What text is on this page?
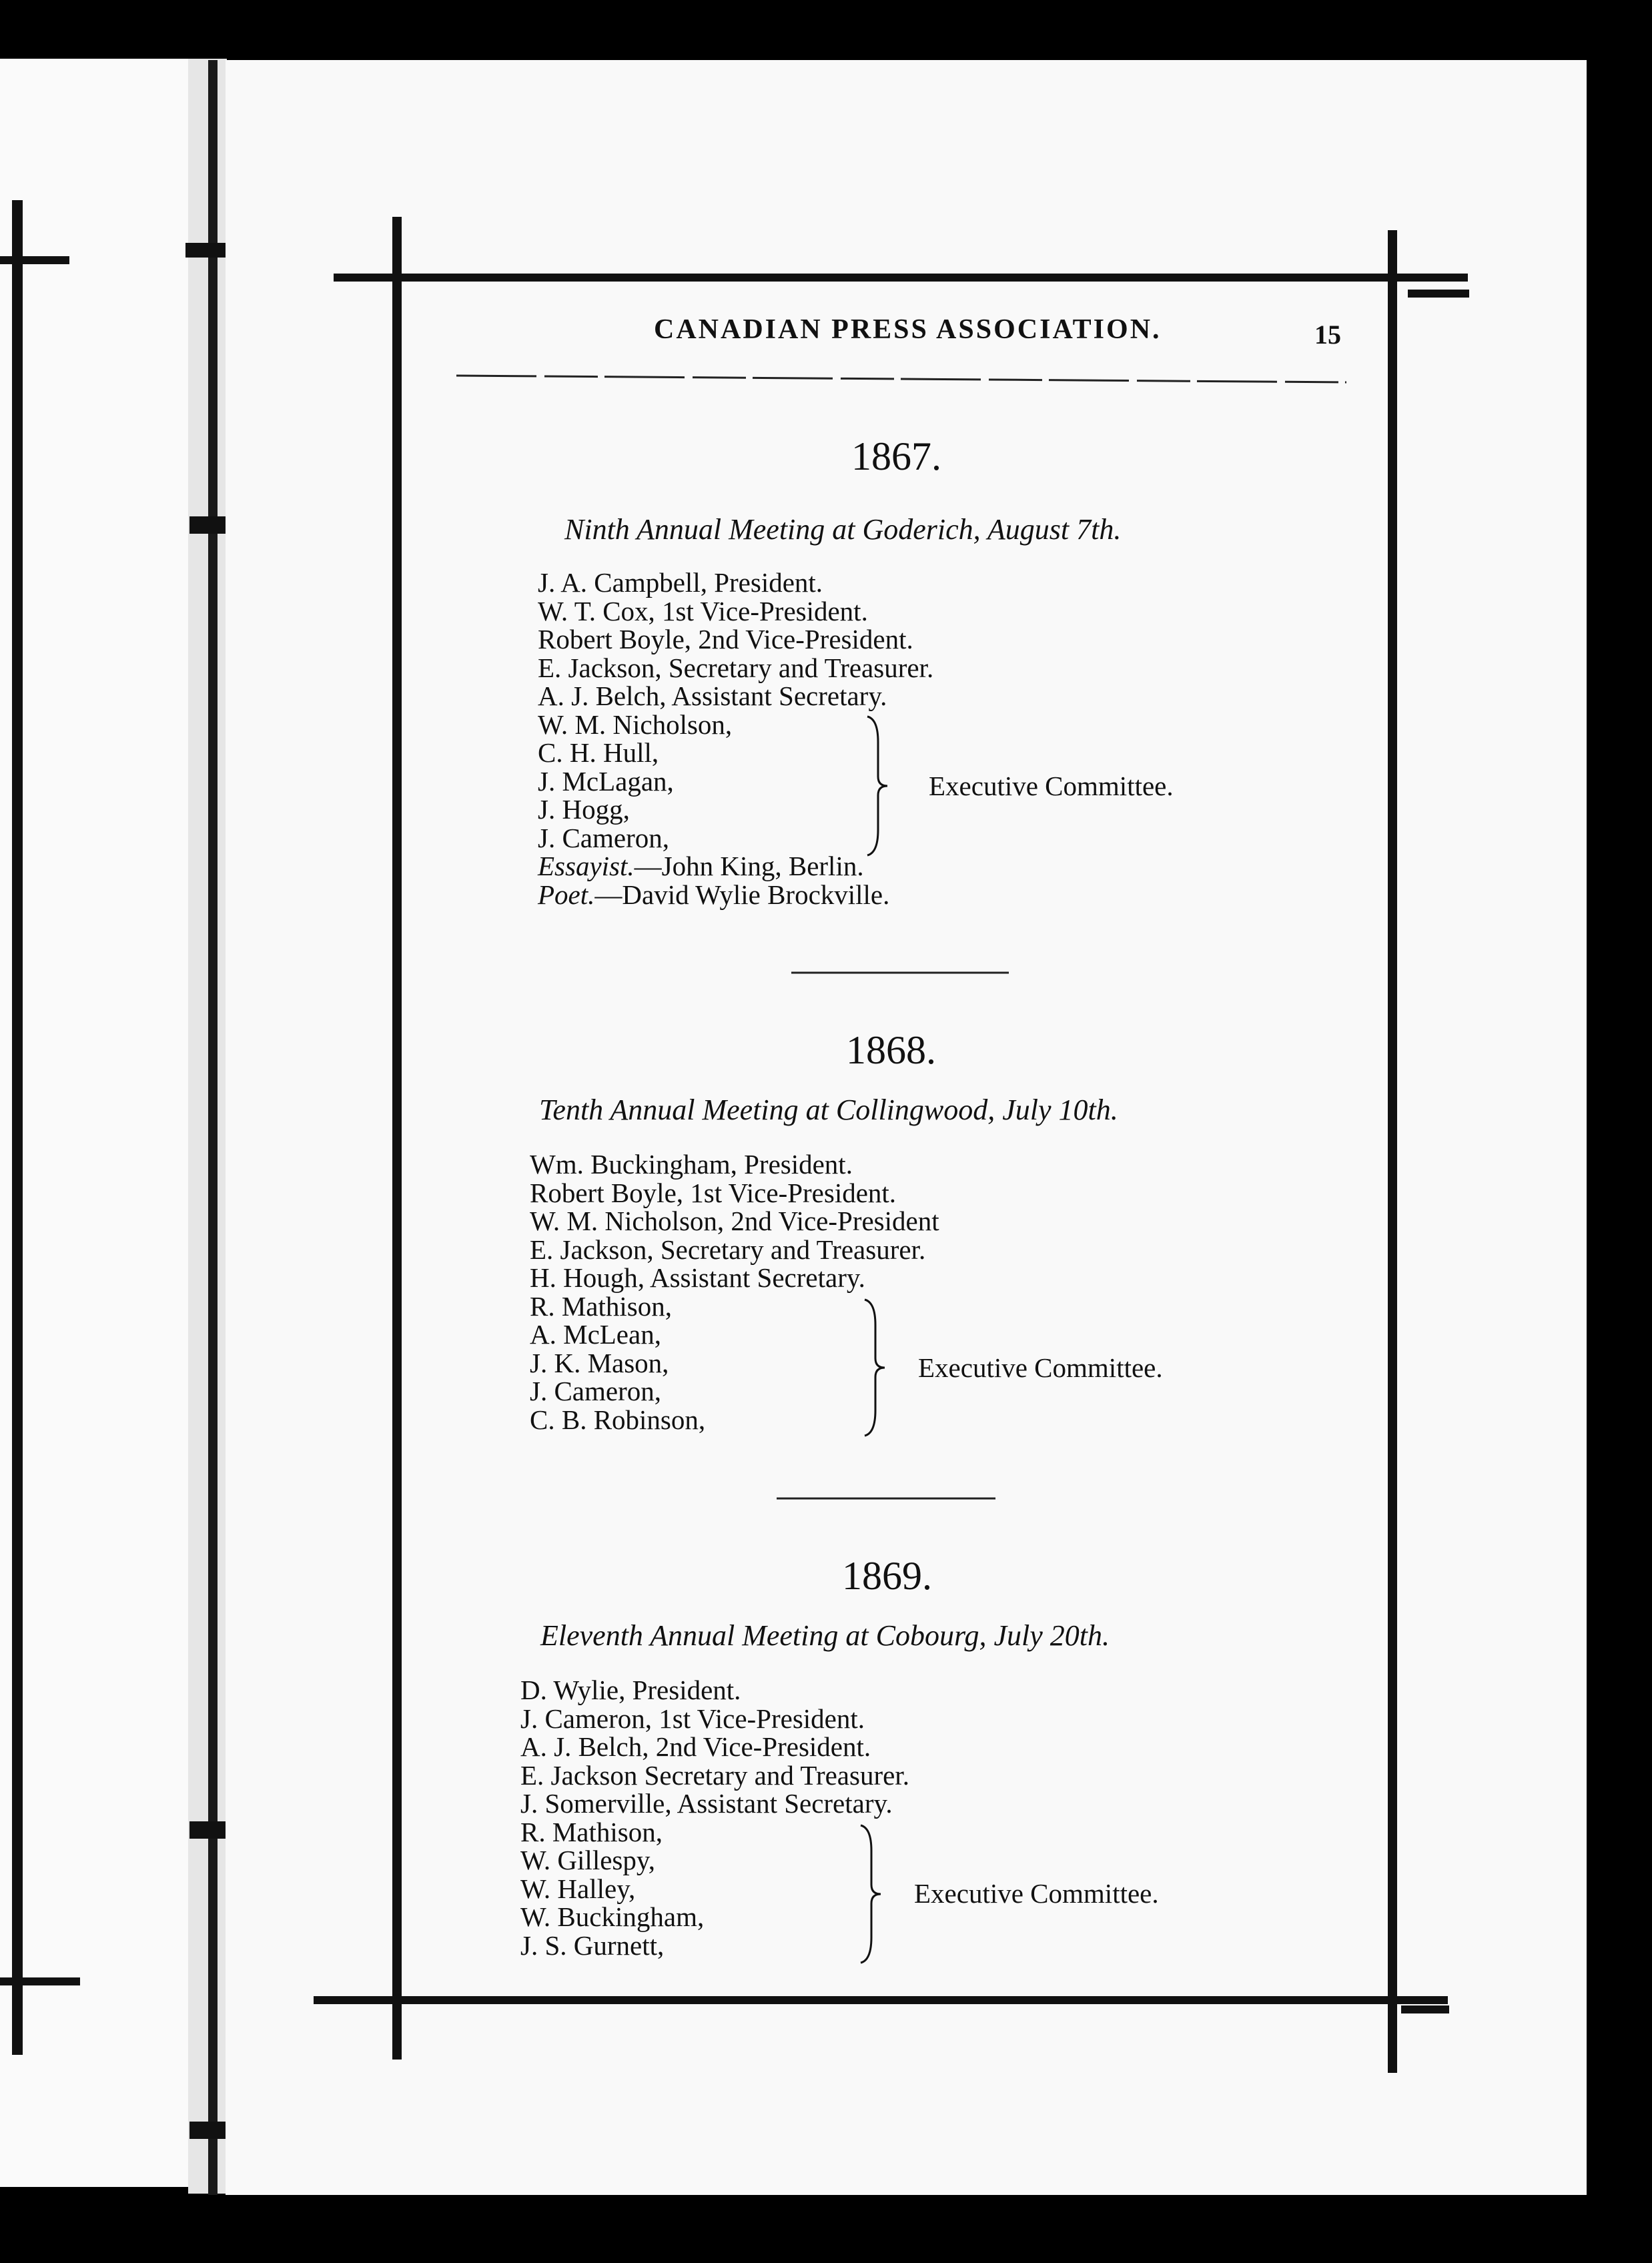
CANADIAN PRESS ASSOCIATION.	15
1867.
Ninth Annual Meeting at Goderich, August 7th.
J. A. Campbell, President.
W. T. Cox, 1st Vice-President.
Robert Boyle, 2nd Vice-President.
E. Jackson, Secretary and Treasurer.
A. J. Belch, Assistant Secretary.
W. M. Nicholson,
C. H. Hull,
J. McLagan,
J. Hogg,
J. Cameron,
Essayist.—John King, Berlin.
Poet.—David Wylie Brockville.
Executive Committee.
1868.
Tenth Annual Meeting at Collingwood, July 10th.
Wm. Buckingham, President.
Robert Boyle, 1st Vice-President.
W. M. Nicholson, 2nd Vice-President
E. Jackson, Secretary and Treasurer.
H. Hough, Assistant Secretary.
R. Mathison,
A. McLean,
J. K. Mason,
J. Cameron,
C. B. Robinson,
Executive Committee.
1869.
Eleventh Annual Meeting at Cobourg, July 20th.
D. Wylie, President.
J. Cameron, 1st Vice-President.
A. J. Belch, 2nd Vice-President.
E. Jackson Secretary and Treasurer.
J. Somerville, Assistant Secretary.
R. Mathison,
W. Gillespy,
W. Halley,
W. Buckingham,
J. S. Gurnett,
Executive Committee.
